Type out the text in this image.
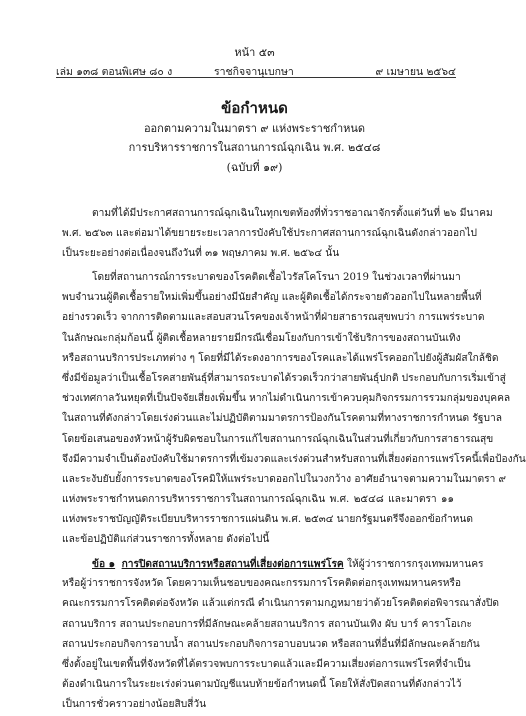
หน้า ๕๓
เล่ม ๑๓๘ ตอนพิเศษ ๘๐ ง	ราชกิจจานุเบกษา	๙ เมษายน ๒๕๖๔
ข้อกำหนด
ออกตามความในมาตรา ๙ แห่งพระราชกำหนด
การบริหารราชการในสถานการณ์ฉุกเฉิน พ.ศ. ๒๕๔๘
(ฉบับที่ ๑๙)
ตามที่ได้มีประกาศสถานการณ์ฉุกเฉินในทุกเขตท้องที่ทั่วราชอาณาจักรตั้งแต่วันที่ ๒๖ มีนาคม
พ.ศ. ๒๕๖๓ และต่อมาได้ขยายระยะเวลาการบังคับใช้ประกาศสถานการณ์ฉุกเฉินดังกล่าวออกไป
เป็นระยะอย่างต่อเนื่องจนถึงวันที่ ๓๑ พฤษภาคม พ.ศ. ๒๕๖๔ นั้น
โดยที่สถานการณ์การระบาดของโรคติดเชื้อไวรัสโคโรนา 2019 ในช่วงเวลาที่ผ่านมา
พบจำนวนผู้ติดเชื้อรายใหม่เพิ่มขึ้นอย่างมีนัยสำคัญ และผู้ติดเชื้อได้กระจายตัวออกไปในหลายพื้นที่
อย่างรวดเร็ว จากการติดตามและสอบสวนโรคของเจ้าหน้าที่ฝ่ายสาธารณสุขพบว่า การแพร่ระบาด
ในลักษณะกลุ่มก้อนนี้ ผู้ติดเชื้อหลายรายมีกรณีเชื่อมโยงกับการเข้าใช้บริการของสถานบันเทิง
หรือสถานบริการประเภทต่าง ๆ โดยที่มีได้ระดงอาการของโรคและได้แพร่โรคออกไปยังผู้สัมผัสใกล้ชิด
ซึ่งมีข้อมูลว่าเป็นเชื้อโรคสายพันธุ์ที่สามารถระบาดได้รวดเร็วกว่าสายพันธุ์ปกติ ประกอบกับการเริ่มเข้าสู่
ช่วงเทศกาลวันหยุดที่เป็นปัจจัยเสี่ยงเพิ่มขึ้น หากไม่ดำเนินการเข้าควบคุมกิจกรรมการรวมกลุ่มของบุคคล
ในสถานที่ดังกล่าวโดยเร่งด่วนและไม่ปฏิบัติตามมาตรการป้องกันโรคตามที่ทางราชการกำหนด รัฐบาล
โดยข้อเสนอของหัวหน้าผู้รับผิดชอบในการแก้ไขสถานการณ์ฉุกเฉินในส่วนที่เกี่ยวกับการสาธารณสุข
จึงมีความจำเป็นต้องบังคับใช้มาตรการที่เข้มงวดและเร่งด่วนสำหรับสถานที่เสี่ยงต่อการแพร่โรคนี้เพื่อป้องกัน
และระงับยับยั้งการระบาดของโรคมิให้แพร่ระบาดออกไปในวงกว้าง อาศัยอำนาจตามความในมาตรา ๙
แห่งพระราชกำหนดการบริหารราชการในสถานการณ์ฉุกเฉิน พ.ศ. ๒๕๔๘ และมาตรา ๑๑
แห่งพระราชบัญญัติระเบียบบริหารราชการแผ่นดิน พ.ศ. ๒๕๓๔ นายกรัฐมนตรีจึงออกข้อกำหนด
และข้อปฏิบัติแก่ส่วนราชการทั้งหลาย ดังต่อไปนี้
ข้อ ๑ การปิดสถานบริการหรือสถานที่เสี่ยงต่อการแพร่โรค ให้ผู้ว่าราชการกรุงเทพมหานคร
หรือผู้ว่าราชการจังหวัด โดยความเห็นชอบของคณะกรรมการโรคติดต่อกรุงเทพมหานครหรือ
คณะกรรมการโรคติดต่อจังหวัด แล้วแต่กรณี ดำเนินการตามกฎหมายว่าด้วยโรคติดต่อพิจารณาสั่งปิด
สถานบริการ สถานประกอบการที่มีลักษณะคล้ายสถานบริการ สถานบันเทิง ผับ บาร์ คาราโอเกะ
สถานประกอบกิจการอาบน้ำ สถานประกอบกิจการอาบอบนวด หรือสถานที่อื่นที่มีลักษณะคล้ายกัน
ซึ่งตั้งอยู่ในเขตพื้นที่จังหวัดที่ได้ตรวจพบการระบาดแล้วและมีความเสี่ยงต่อการแพร่โรคที่จำเป็น
ต้องดำเนินการในระยะเร่งด่วนตามบัญชีแนบท้ายข้อกำหนดนี้ โดยให้สั่งปิดสถานที่ดังกล่าวไว้
เป็นการชั่วคราวอย่างน้อยสิบสี่วัน
